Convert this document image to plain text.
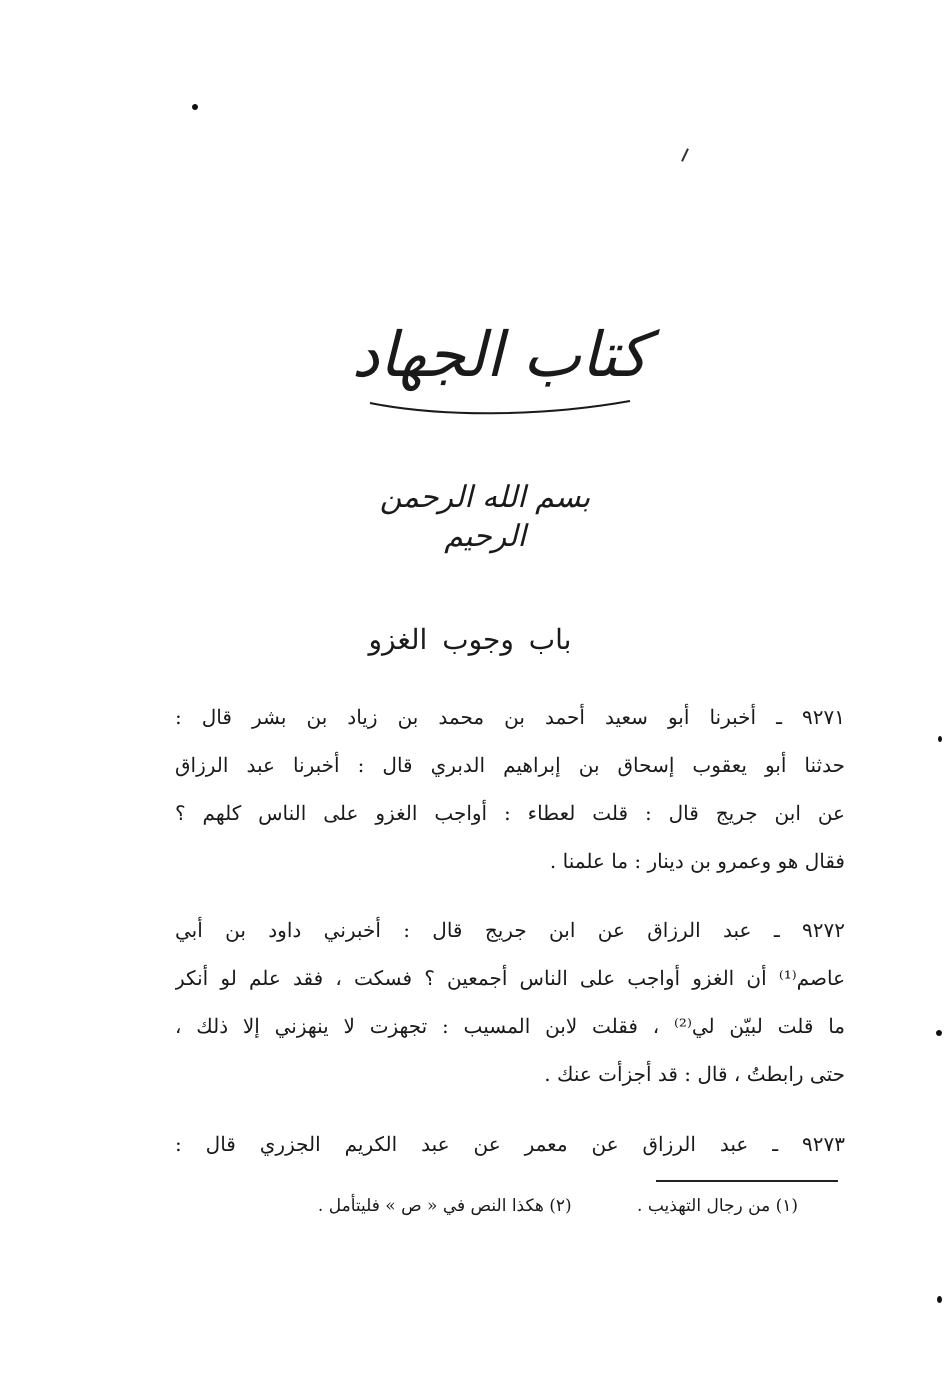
كتاب الجهاد
بسم الله الرحمن الرحيم
باب وجوب الغزو
٩٢٧١ ـ أخبرنا أبو سعيد أحمد بن محمد بن زياد بن بشر قال :
حدثنا أبو يعقوب إسحاق بن إبراهيم الدبري قال : أخبرنا عبد الرزاق
عن ابن جريج قال : قلت لعطاء : أواجب الغزو على الناس كلهم ؟
فقال هو وعمرو بن دينار : ما علمنا .
٩٢٧٢ ـ عبد الرزاق عن ابن جريج قال : أخبرني داود بن أبي
عاصم⁽¹⁾ أن الغزو أواجب على الناس أجمعين ؟ فسكت ، فقد علم لو أنكر
ما قلت لبيّن لي⁽²⁾ ، فقلت لابن المسيب : تجهزت لا ينهزني إلا ذلك ،
حتى رابطتُ ، قال : قد أجزأت عنك .
٩٢٧٣ ـ عبد الرزاق عن معمر عن عبد الكريم الجزري قال :
(١) من رجال التهذيب . (٢) هكذا النص في « ص » فليتأمل .
